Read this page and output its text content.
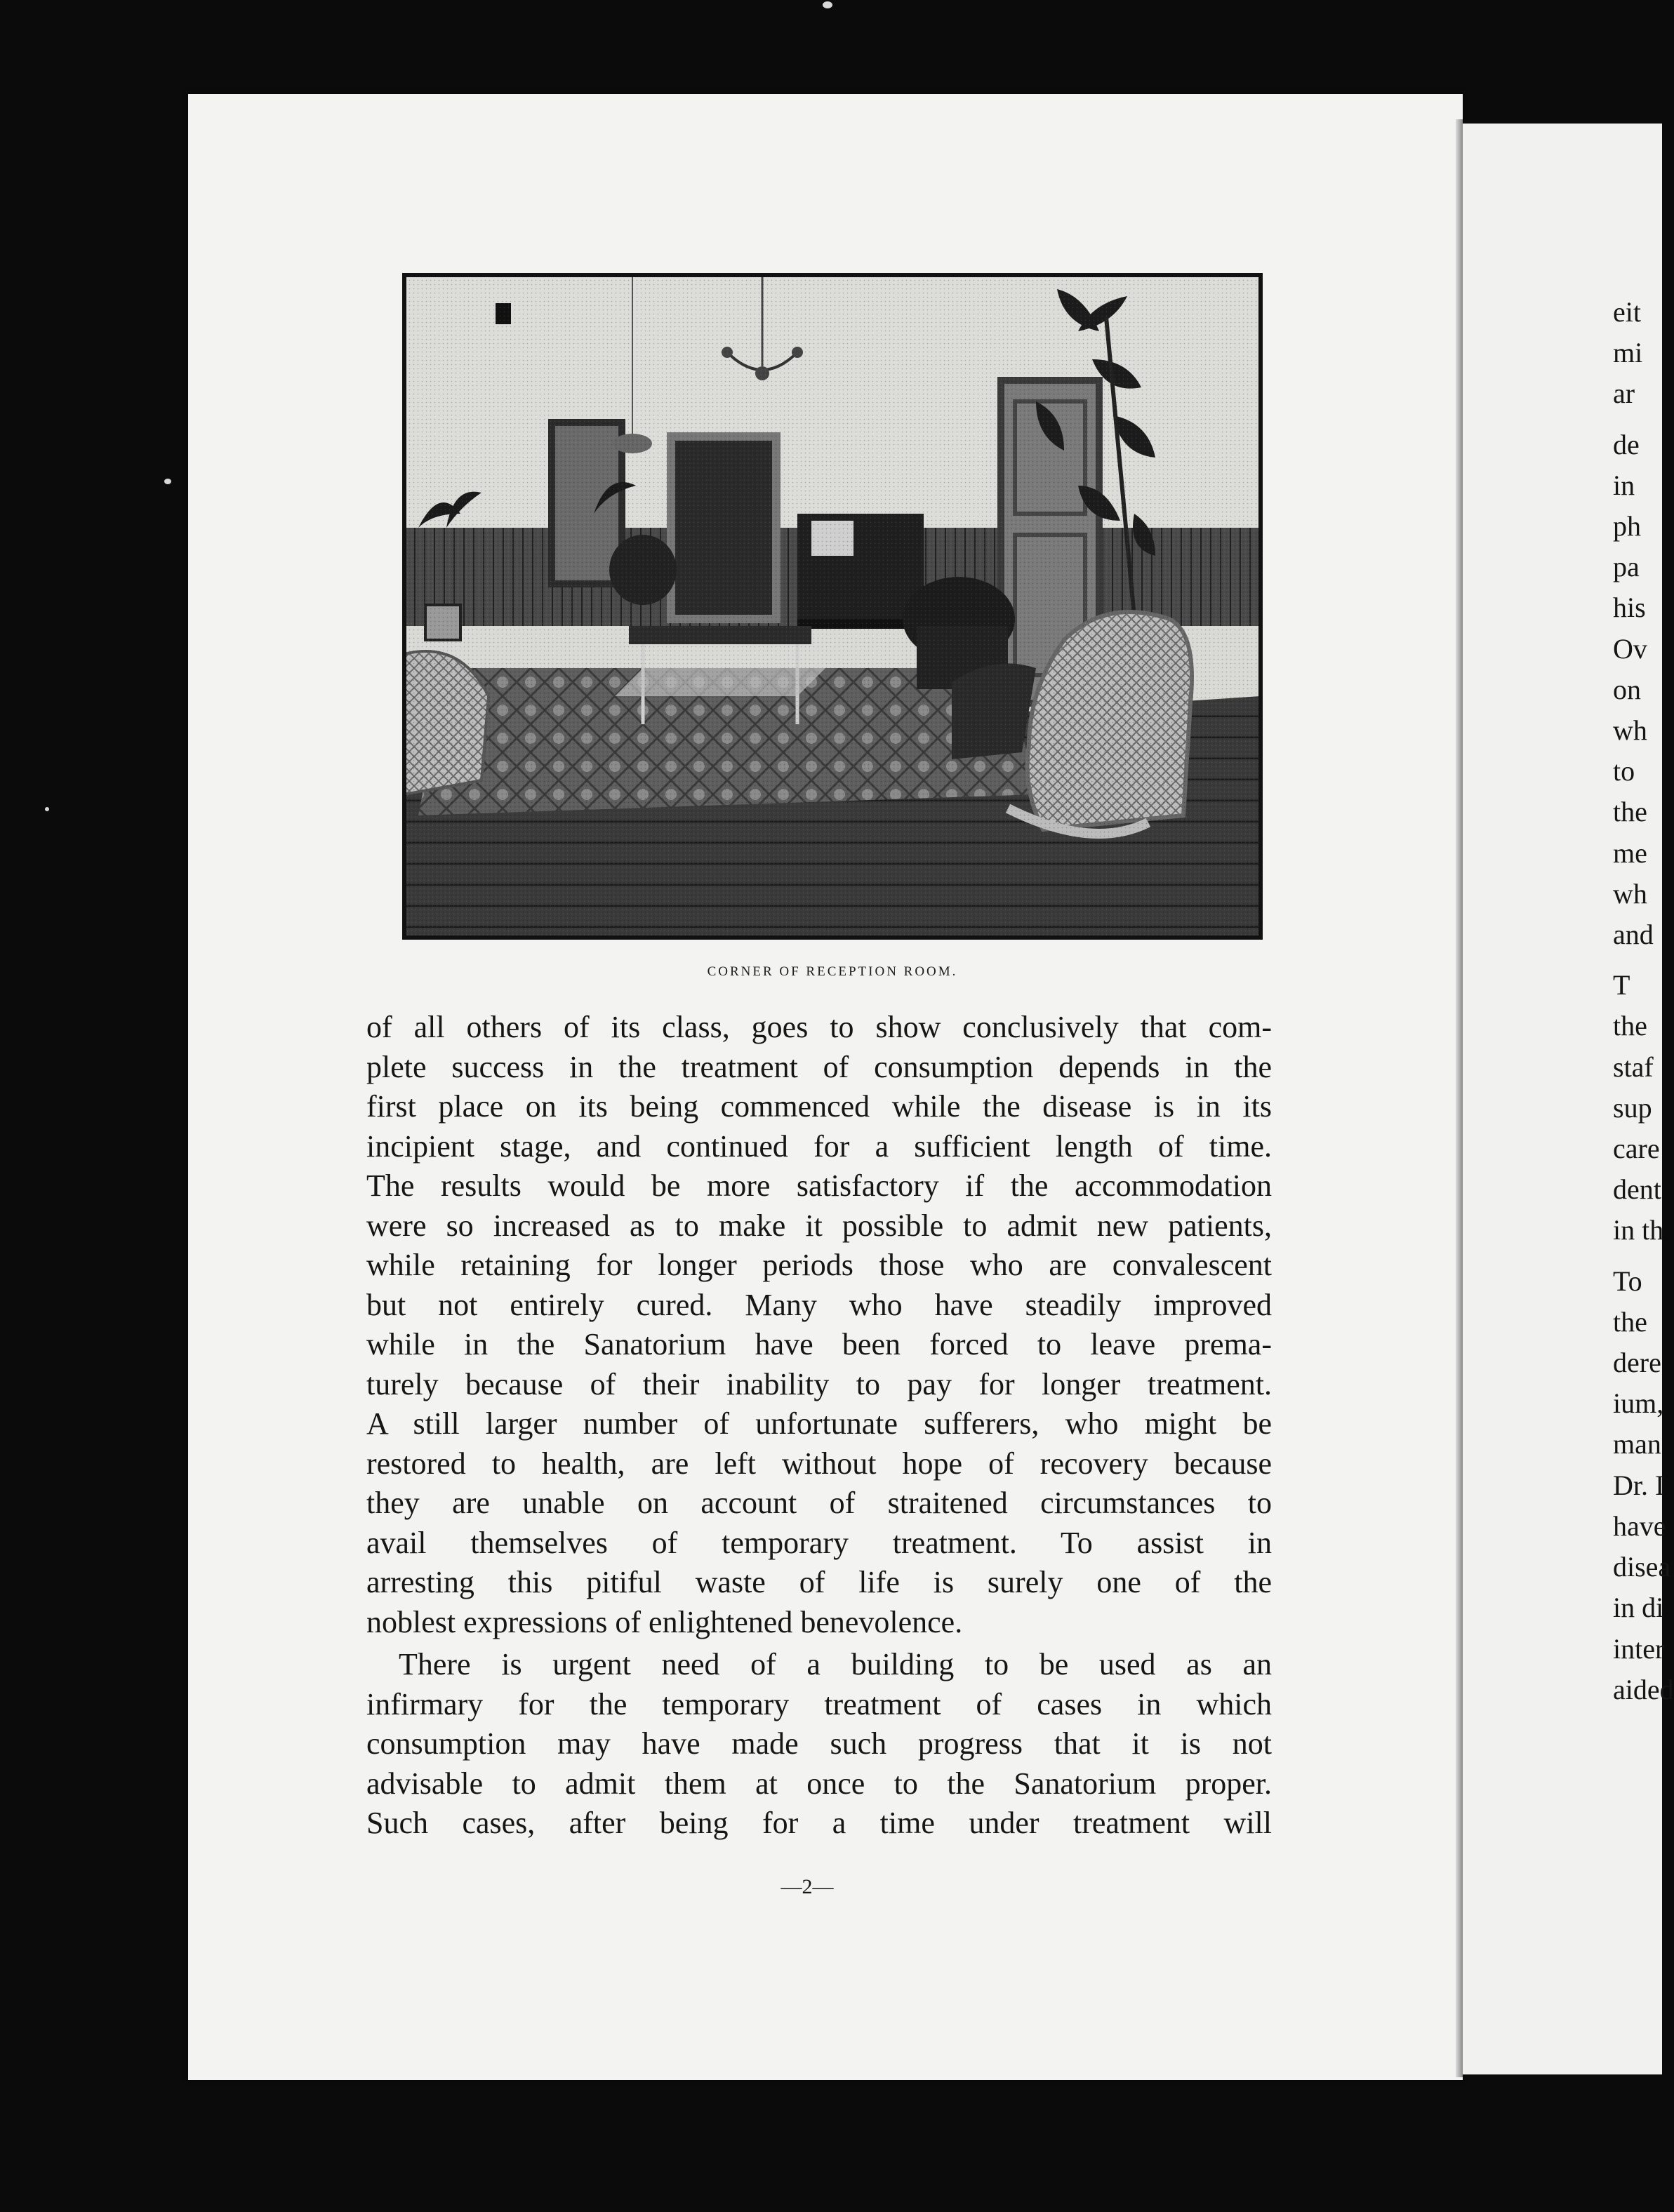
CORNER OF RECEPTION ROOM.
of all others of its class, goes to show conclusively that com-
plete success in the treatment of consumption depends in the
first place on its being commenced while the disease is in its
incipient stage, and continued for a sufficient length of time.
The results would be more satisfactory if the accommodation
were so increased as to make it possible to admit new patients,
while retaining for longer periods those who are convalescent
but not entirely cured. Many who have steadily improved
while in the Sanatorium have been forced to leave prema-
turely because of their inability to pay for longer treatment.
A still larger number of unfortunate sufferers, who might be
restored to health, are left without hope of recovery because
they are unable on account of straitened circumstances to
avail themselves of temporary treatment. To assist in
arresting this pitiful waste of life is surely one of the
noblest expressions of enlightened benevolence.
There is urgent need of a building to be used as an
infirmary for the temporary treatment of cases in which
consumption may have made such progress that it is not
advisable to admit them at once to the Sanatorium proper.
Such cases, after being for a time under treatment will
—2—
eit
mi
ar
de
in
ph
pa
his
Ov
on
wh
to
the
me
wh
and
T
the
staf
sup
care
dent
in th
To
the
dere
ium,
man
Dr. I
have
disea
in di
inter
aided
